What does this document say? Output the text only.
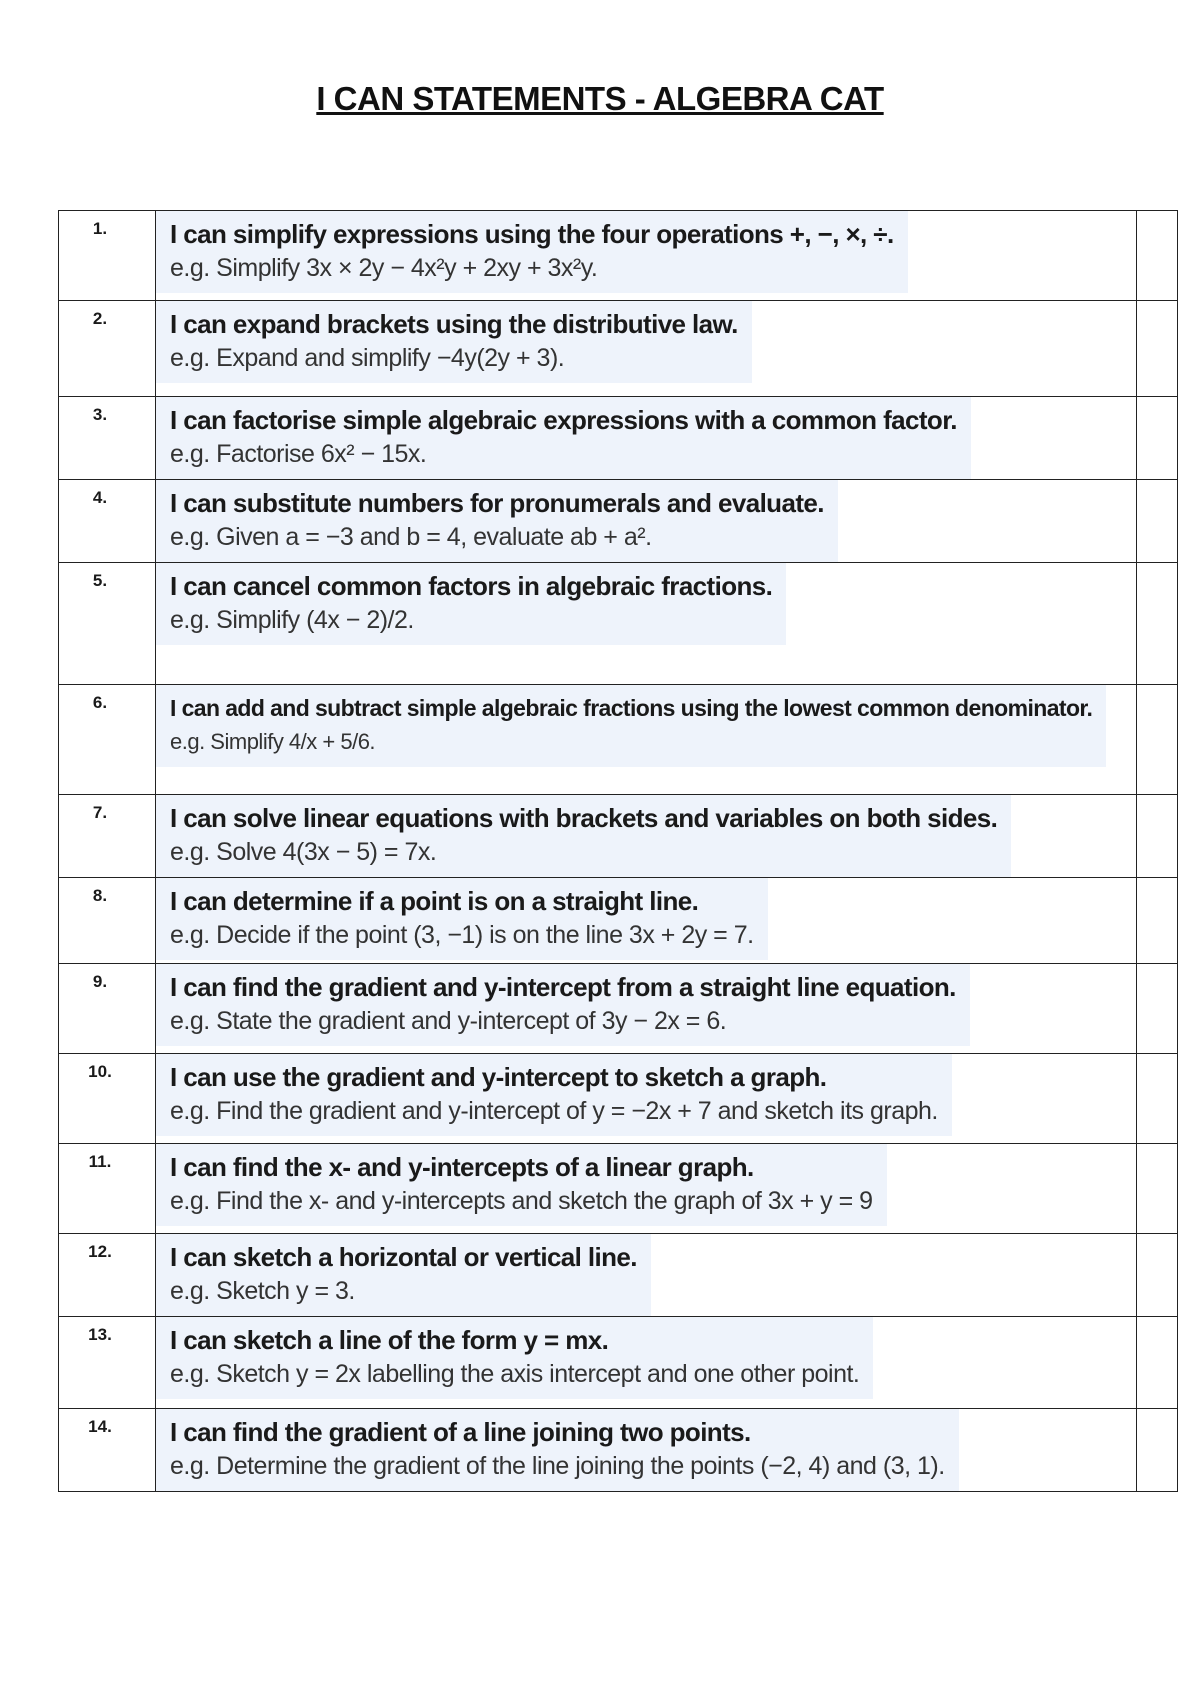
I CAN STATEMENTS - ALGEBRA CAT
1.	I can simplify expressions using the four operations +, −, ×, ÷.
e.g. Simplify 3x × 2y − 4x²y + 2xy + 3x²y.	

2.	I can expand brackets using the distributive law.
e.g. Expand and simplify −4y(2y + 3).	

3.	I can factorise simple algebraic expressions with a common factor.
e.g. Factorise 6x² − 15x.	

4.	I can substitute numbers for pronumerals and evaluate.
e.g. Given a = −3 and b = 4, evaluate ab + a².	

5.	I can cancel common factors in algebraic fractions.
e.g. Simplify (4x − 2)/2.	

6.	I can add and subtract simple algebraic fractions using the lowest common denominator.
e.g. Simplify 4/x + 5/6.	

7.	I can solve linear equations with brackets and variables on both sides.
e.g. Solve 4(3x − 5) = 7x.	

8.	I can determine if a point is on a straight line.
e.g. Decide if the point (3, −1) is on the line 3x + 2y = 7.	

9.	I can find the gradient and y-intercept from a straight line equation.
e.g. State the gradient and y-intercept of 3y − 2x = 6.	

10.	I can use the gradient and y-intercept to sketch a graph.
e.g. Find the gradient and y-intercept of y = −2x + 7 and sketch its graph.	

11.	I can find the x- and y-intercepts of a linear graph.
e.g. Find the x- and y-intercepts and sketch the graph of 3x + y = 9	

12.	I can sketch a horizontal or vertical line.
e.g. Sketch y = 3.	

13.	I can sketch a line of the form y = mx.
e.g. Sketch y = 2x labelling the axis intercept and one other point.	

14.	I can find the gradient of a line joining two points.
e.g. Determine the gradient of the line joining the points (−2, 4) and (3, 1).	
